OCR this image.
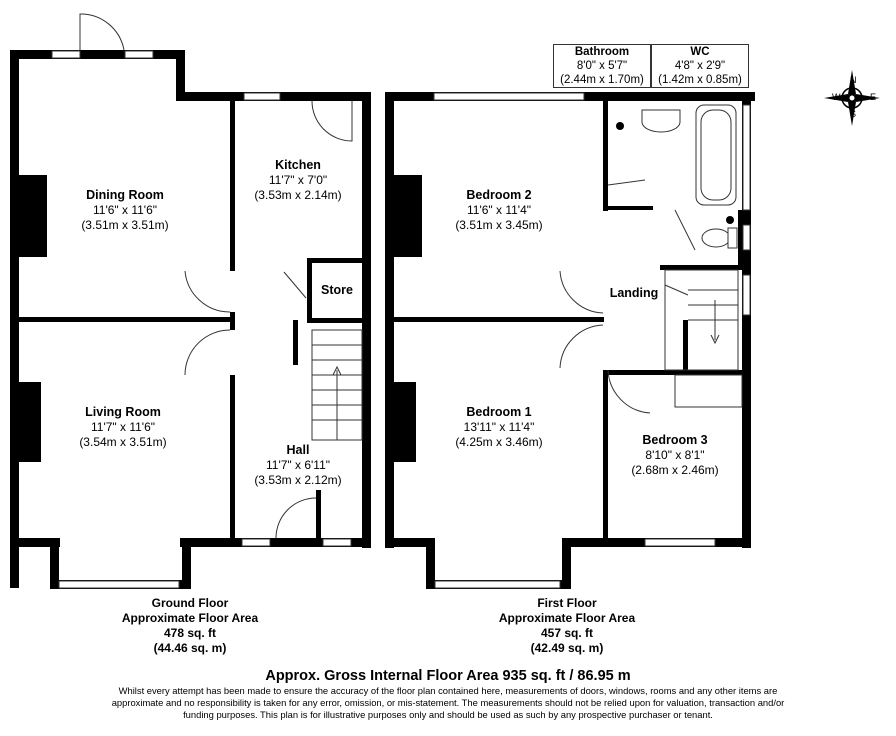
N
E
S
W
Dining Room
11'6" x 11'6"
(3.51m x 3.51m)
Kitchen
11'7" x 7'0"
(3.53m x 2.14m)
Store
Living Room
11'7" x 11'6"
(3.54m x 3.51m)
Hall
11'7" x 6'11"
(3.53m x 2.12m)
Bathroom
8'0" x 5'7"
(2.44m x 1.70m)
WC
4'8" x 2'9"
(1.42m x 0.85m)
Bedroom 2
11'6" x 11'4"
(3.51m x 3.45m)
Landing
Bedroom 1
13'11" x 11'4"
(4.25m x 3.46m)	Bedroom 3
8'10" x 8'1"
(2.68m x 2.46m)
Ground Floor
Approximate Floor Area
478 sq. ft
(44.46 sq. m)
First Floor
Approximate Floor Area
457 sq. ft
(42.49 sq. m)
Approx. Gross Internal Floor Area 935 sq. ft / 86.95 m
Whilst every attempt has been made to ensure the accuracy of the floor plan contained here, measurements of doors, windows, rooms and any other items are approximate and no responsibility is taken for any error, omission, or mis-statement. The measurements should not be relied upon for valuation, transaction and/or funding purposes. This plan is for illustrative purposes only and should be used as such by any prospective purchaser or tenant.
